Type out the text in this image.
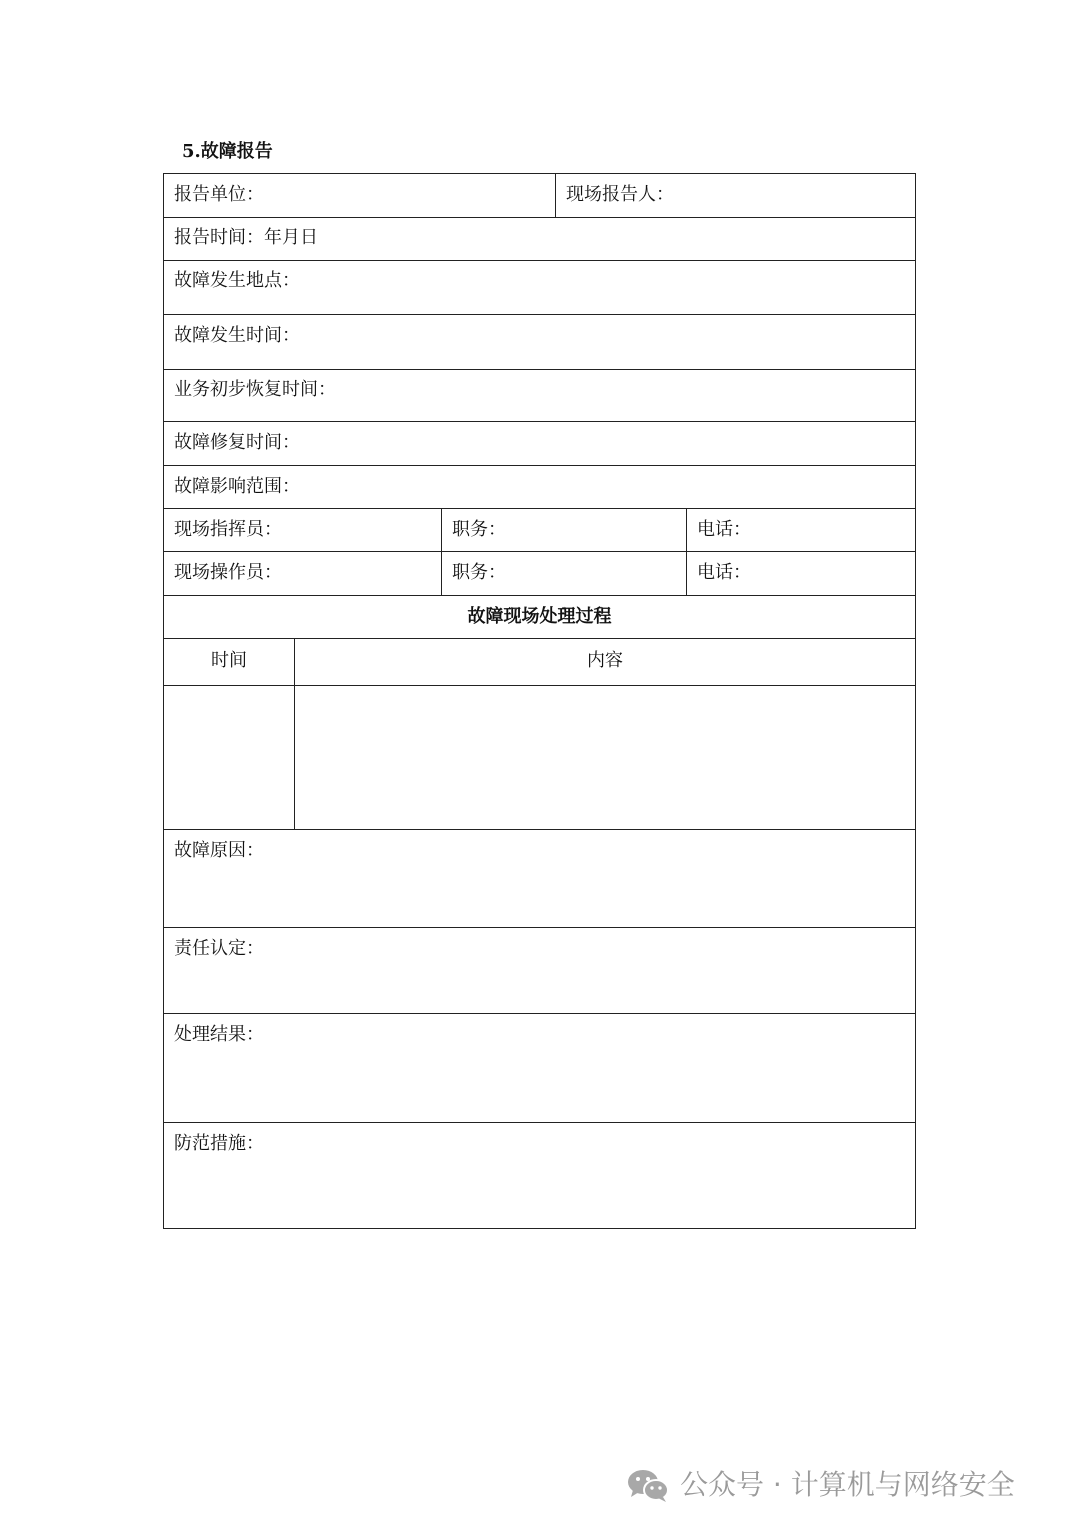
5.故障报告
报告单位：	现场报告人：
报告时间：年月日
故障发生地点：
故障发生时间：
业务初步恢复时间：
故障修复时间：
故障影响范围：
现场指挥员：	职务：	电话：
现场操作员：	职务：	电话：
故障现场处理过程
时间	内容
故障原因：
责任认定：
处理结果：
防范措施：
公众号 · 计算机与网络安全
